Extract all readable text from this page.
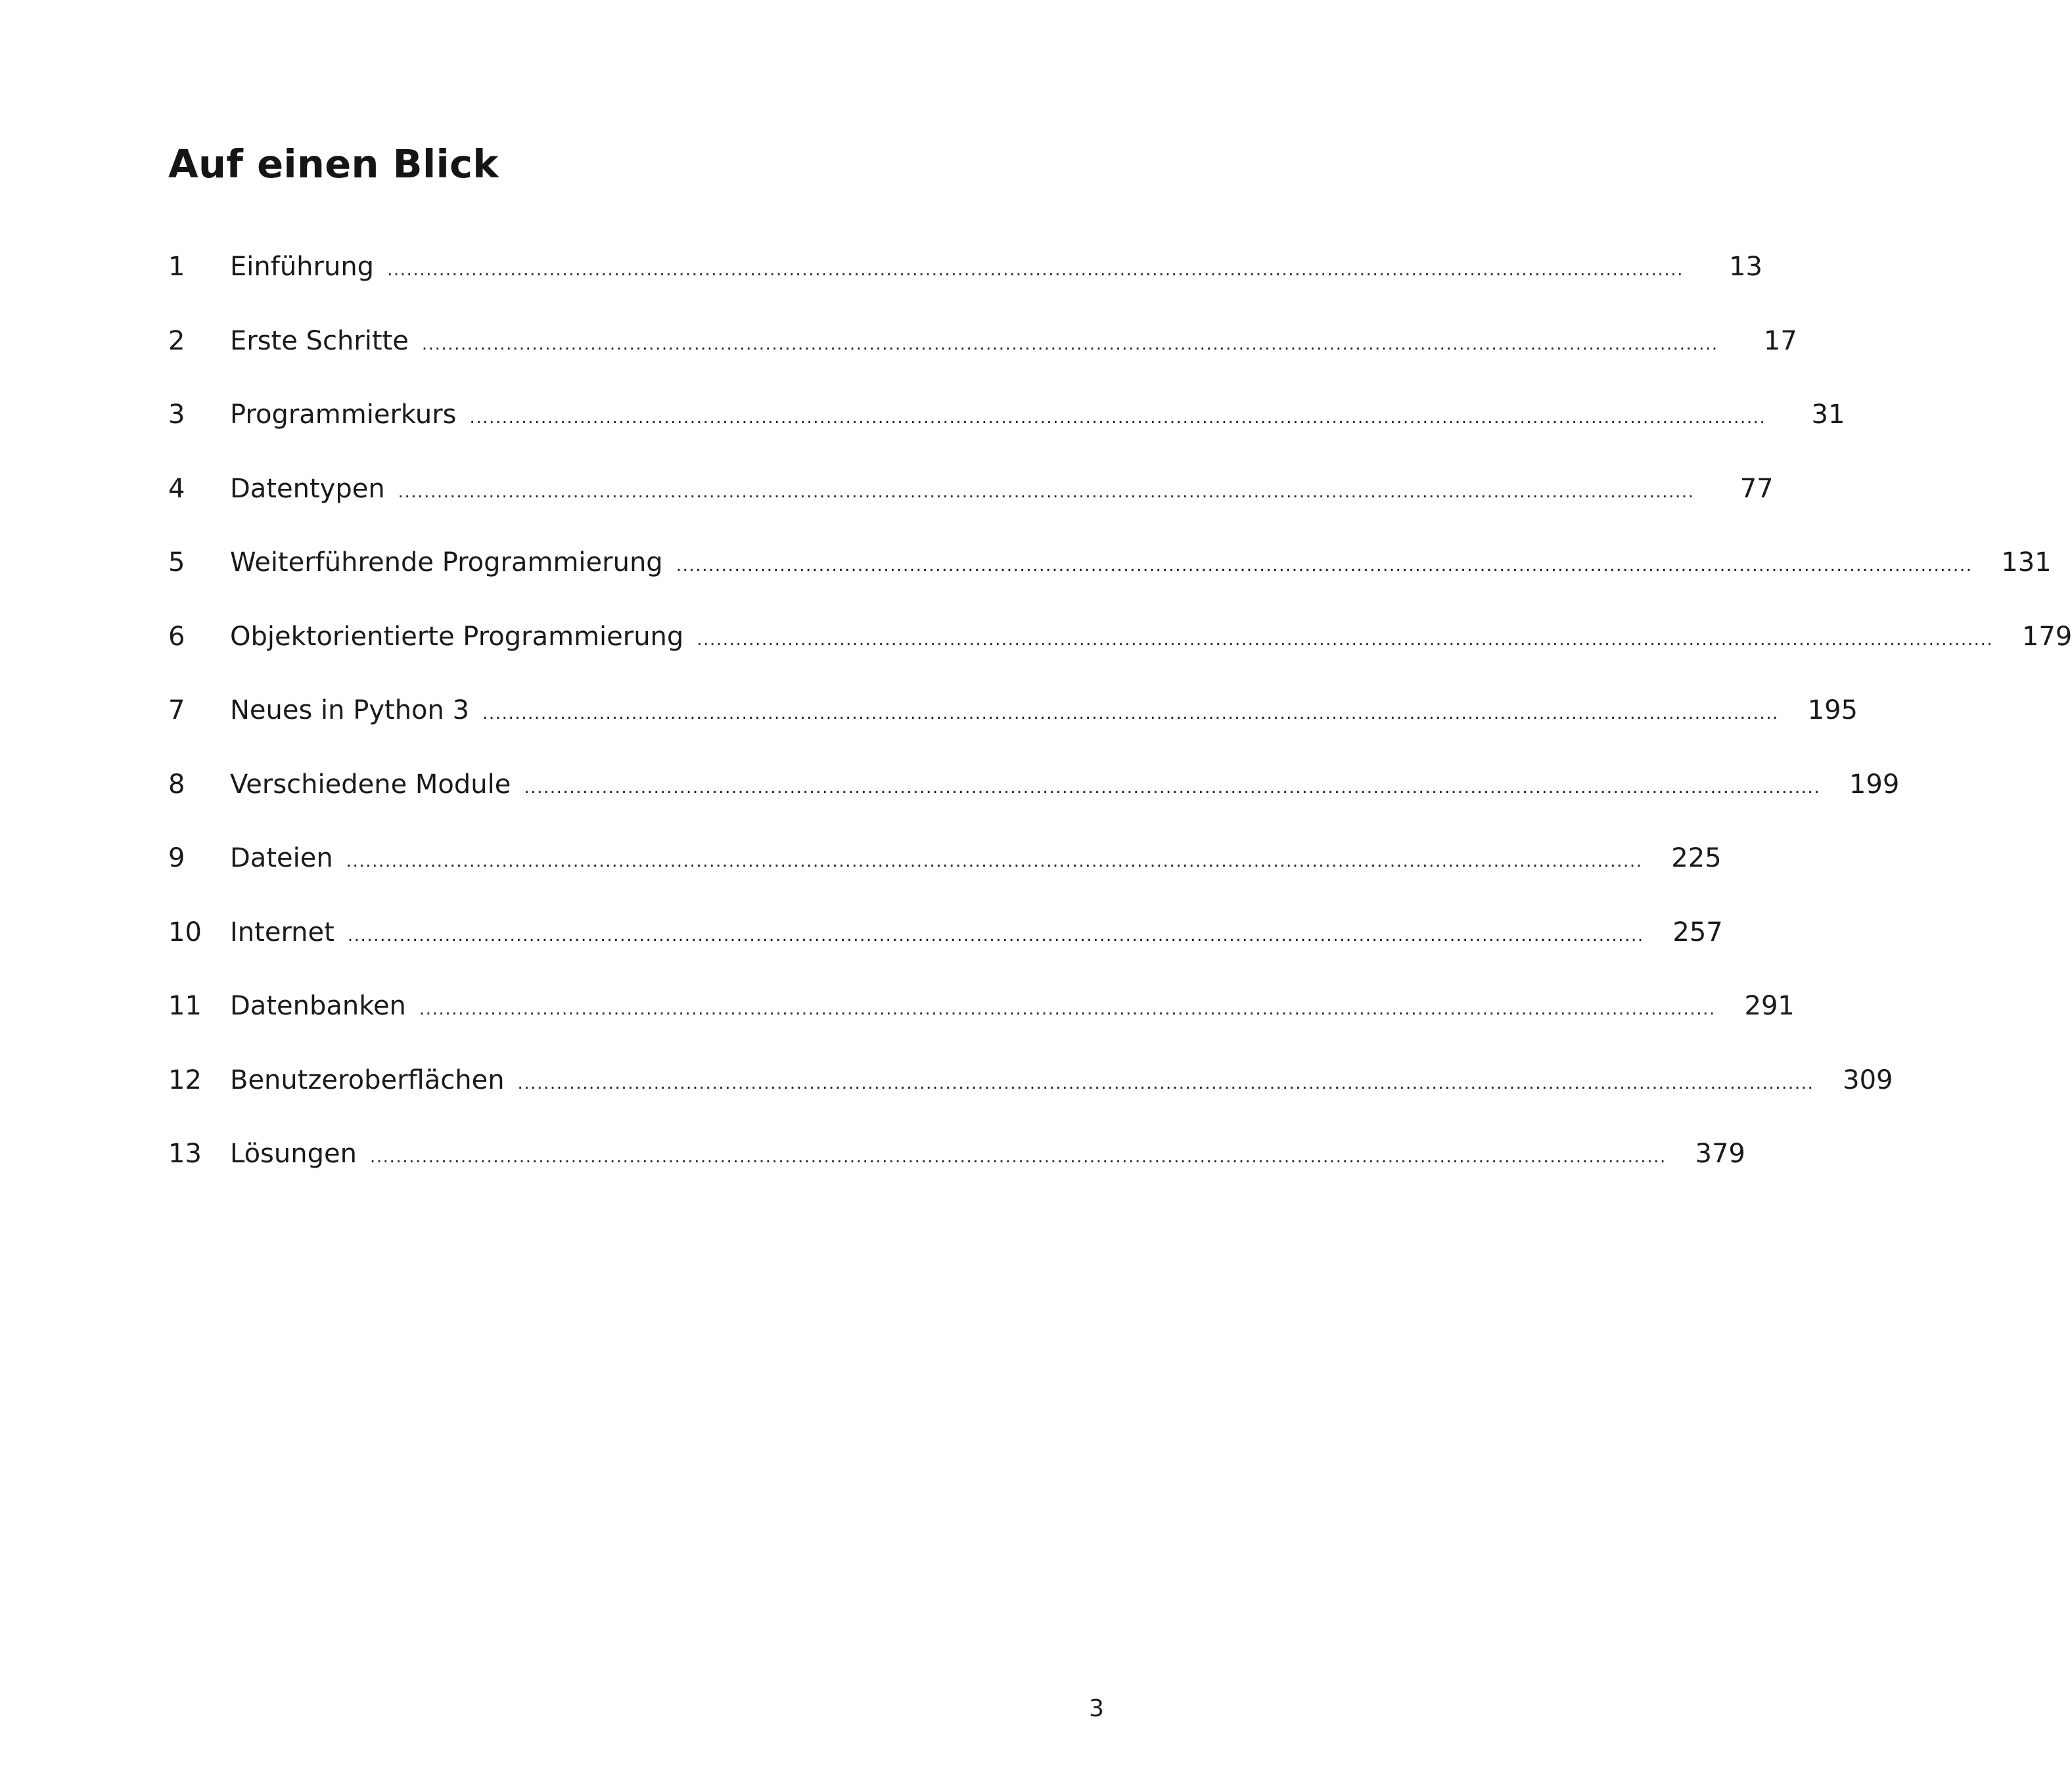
Auf einen Blick
1	Einführung ........................................................................................................................................................................................................	13
2	Erste Schritte ........................................................................................................................................................................................................	17
3	Programmierkurs ........................................................................................................................................................................................................	31
4	Datentypen ........................................................................................................................................................................................................	77
5	Weiterführende Programmierung ........................................................................................................................................................................................................	131
6	Objektorientierte Programmierung ........................................................................................................................................................................................................	179
7	Neues in Python 3 ........................................................................................................................................................................................................	195
8	Verschiedene Module ........................................................................................................................................................................................................	199
9	Dateien ........................................................................................................................................................................................................	225
10	Internet ........................................................................................................................................................................................................	257
11	Datenbanken ........................................................................................................................................................................................................	291
12	Benutzeroberflächen ........................................................................................................................................................................................................	309
13	Lösungen ........................................................................................................................................................................................................	379

3
